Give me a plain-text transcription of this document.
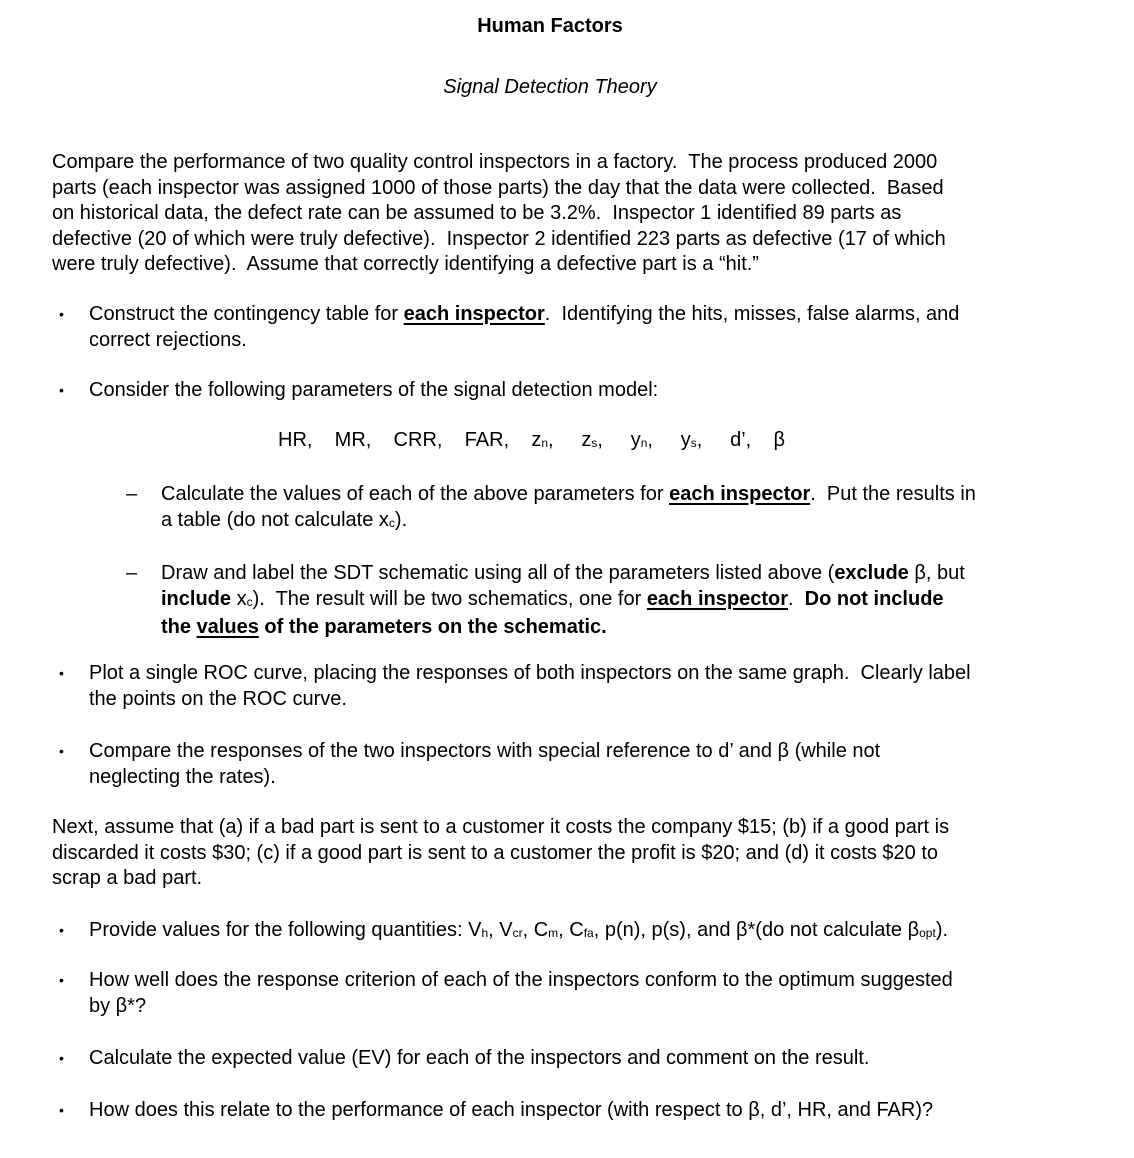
Human Factors
Signal Detection Theory
Compare the performance of two quality control inspectors in a factory.  The process produced 2000
parts (each inspector was assigned 1000 of those parts) the day that the data were collected.  Based
on historical data, the defect rate can be assumed to be 3.2%.  Inspector 1 identified 89 parts as
defective (20 of which were truly defective).  Inspector 2 identified 223 parts as defective (17 of which
were truly defective).  Assume that correctly identifying a defective part is a “hit.”
• Construct the contingency table for each inspector.  Identifying the hits, misses, false alarms, and
correct rejections.
• Consider the following parameters of the signal detection model:
HR,    MR,    CRR,    FAR,    zn,     zs,     yn,     ys,     d’,    β
– Calculate the values of each of the above parameters for each inspector.  Put the results in
a table (do not calculate xc).
– Draw and label the SDT schematic using all of the parameters listed above (exclude β, but
include xc).  The result will be two schematics, one for each inspector.  Do not include
the values of the parameters on the schematic.
• Plot a single ROC curve, placing the responses of both inspectors on the same graph.  Clearly label
the points on the ROC curve.
• Compare the responses of the two inspectors with special reference to d’ and β (while not
neglecting the rates).
Next, assume that (a) if a bad part is sent to a customer it costs the company $15; (b) if a good part is
discarded it costs $30; (c) if a good part is sent to a customer the profit is $20; and (d) it costs $20 to
scrap a bad part.
• Provide values for the following quantities: Vh, Vcr, Cm, Cfa, p(n), p(s), and β*(do not calculate βopt).
• How well does the response criterion of each of the inspectors conform to the optimum suggested
by β*?
• Calculate the expected value (EV) for each of the inspectors and comment on the result.
• How does this relate to the performance of each inspector (with respect to β, d’, HR, and FAR)?
